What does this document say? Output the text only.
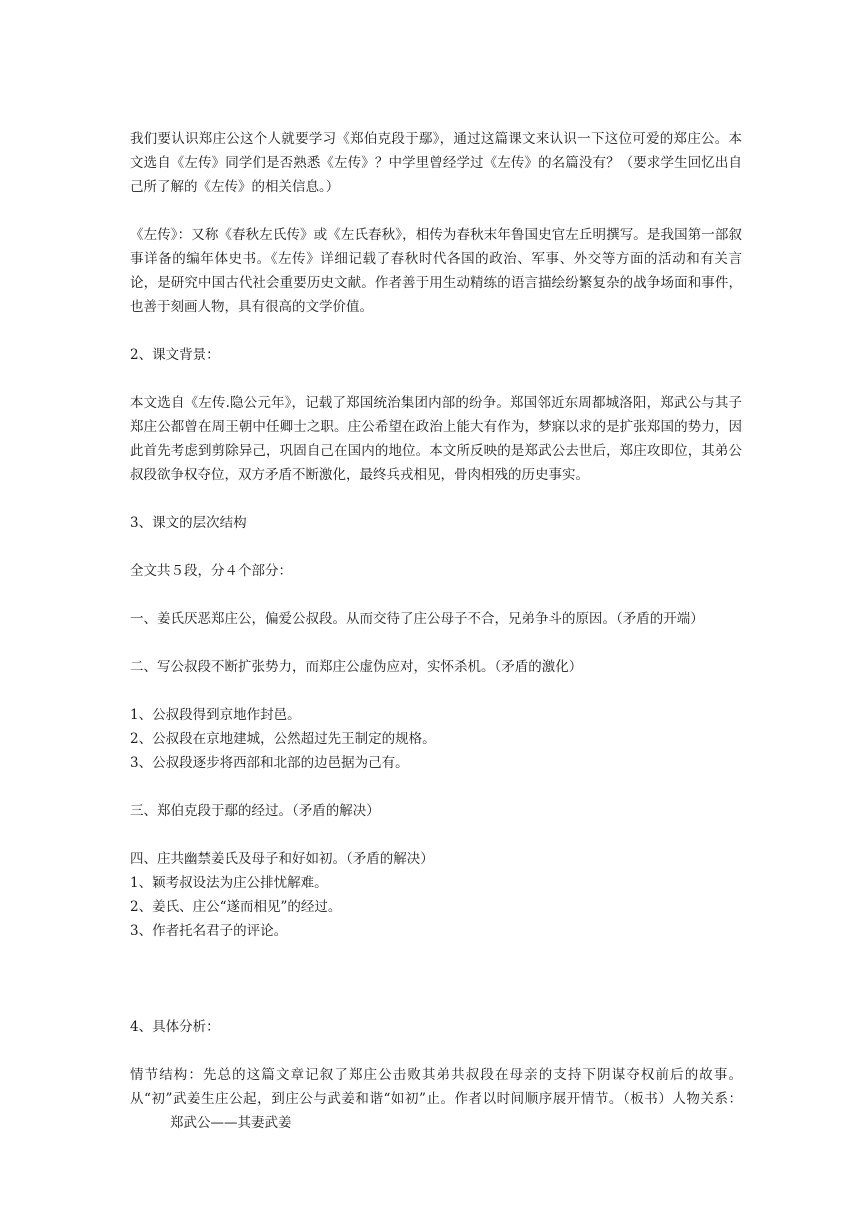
我们要认识郑庄公这个人就要学习《郑伯克段于鄢》，通过这篇课文来认识一下这位可爱的郑庄公。本文选自《左传》同学们是否熟悉《左传》？中学里曾经学过《左传》的名篇没有？（要求学生回忆出自己所了解的《左传》的相关信息。）

《左传》：又称《春秋左氏传》或《左氏春秋》，相传为春秋末年鲁国史官左丘明撰写。是我国第一部叙事详备的编年体史书。《左传》详细记载了春秋时代各国的政治、军事、外交等方面的活动和有关言论，是研究中国古代社会重要历史文献。作者善于用生动精练的语言描绘纷繁复杂的战争场面和事件，也善于刻画人物，具有很高的文学价值。

2、课文背景：

本文选自《左传.隐公元年》，记载了郑国统治集团内部的纷争。郑国邻近东周都城洛阳，郑武公与其子郑庄公都曾在周王朝中任卿士之职。庄公希望在政治上能大有作为，梦寐以求的是扩张郑国的势力，因此首先考虑到剪除异己，巩固自己在国内的地位。本文所反映的是郑武公去世后，郑庄攻即位，其弟公叔段欲争权夺位，双方矛盾不断激化，最终兵戎相见，骨肉相残的历史事实。

3、课文的层次结构

全文共５段，分４个部分：

一、姜氏厌恶郑庄公，偏爱公叔段。从而交待了庄公母子不合，兄弟争斗的原因。（矛盾的开端）

二、写公叔段不断扩张势力，而郑庄公虚伪应对，实怀杀机。（矛盾的激化）

1、公叔段得到京地作封邑。

2、公叔段在京地建城，公然超过先王制定的规格。

3、公叔段逐步将西部和北部的边邑据为己有。

三、郑伯克段于鄢的经过。（矛盾的解决）

四、庄共幽禁姜氏及母子和好如初。（矛盾的解决）

1、颖考叔设法为庄公排忧解难。

2、姜氏、庄公“遂而相见”的经过。

3、作者托名君子的评论。

4、具体分析：

情节结构：先总的这篇文章记叙了郑庄公击败其弟共叔段在母亲的支持下阴谋夺权前后的故事。从“初”武姜生庄公起，到庄公与武姜和谐“如初”止。作者以时间顺序展开情节。（板书）人物关系：郑武公——其妻武姜
